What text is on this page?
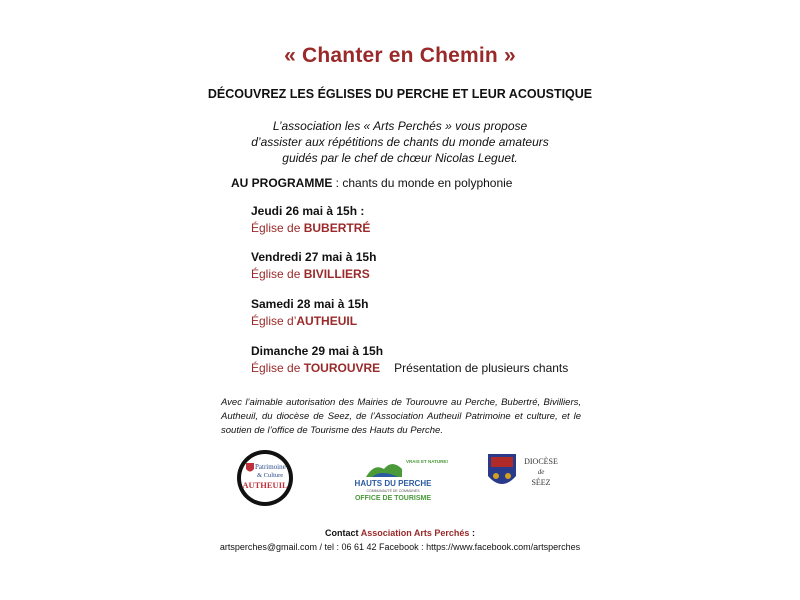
« Chanter en Chemin »
DÉCOUVREZ LES ÉGLISES DU PERCHE ET LEUR ACOUSTIQUE
L’association les « Arts Perchés » vous propose
d’assister aux répétitions de chants du monde amateurs
guidés par le chef de chœur Nicolas Leguet.
AU PROGRAMME : chants du monde en polyphonie
Jeudi 26 mai à 15h :
Église de BUBERTRÉ
Vendredi 27 mai à 15h
Église de BIVILLIERS
Samedi 28 mai à 15h
Église d’AUTHEUIL
Dimanche 29 mai à 15h
Église de TOUROUVRE Présentation de plusieurs chants
Avec l’aimable autorisation des Mairies de Tourouvre au Perche, Bubertré, Bivilliers, Autheuil, du diocèse de Seez, de l’Association Autheuil Patrimoine et culture, et le soutien de l’office de Tourisme des Hauts du Perche.
Patrimoine
& Culture
AUTHEUIL
VRAIS ET NATURES !
HAUTS DU PERCHE
COMMUNAUTÉ DE COMMUNES
OFFICE DE TOURISME
DIOCÈSE
de
SÉEZ
Contact Association Arts Perchés :
artsperches@gmail.com / tel : 06 61 42 Facebook : https://www.facebook.com/artsperches
